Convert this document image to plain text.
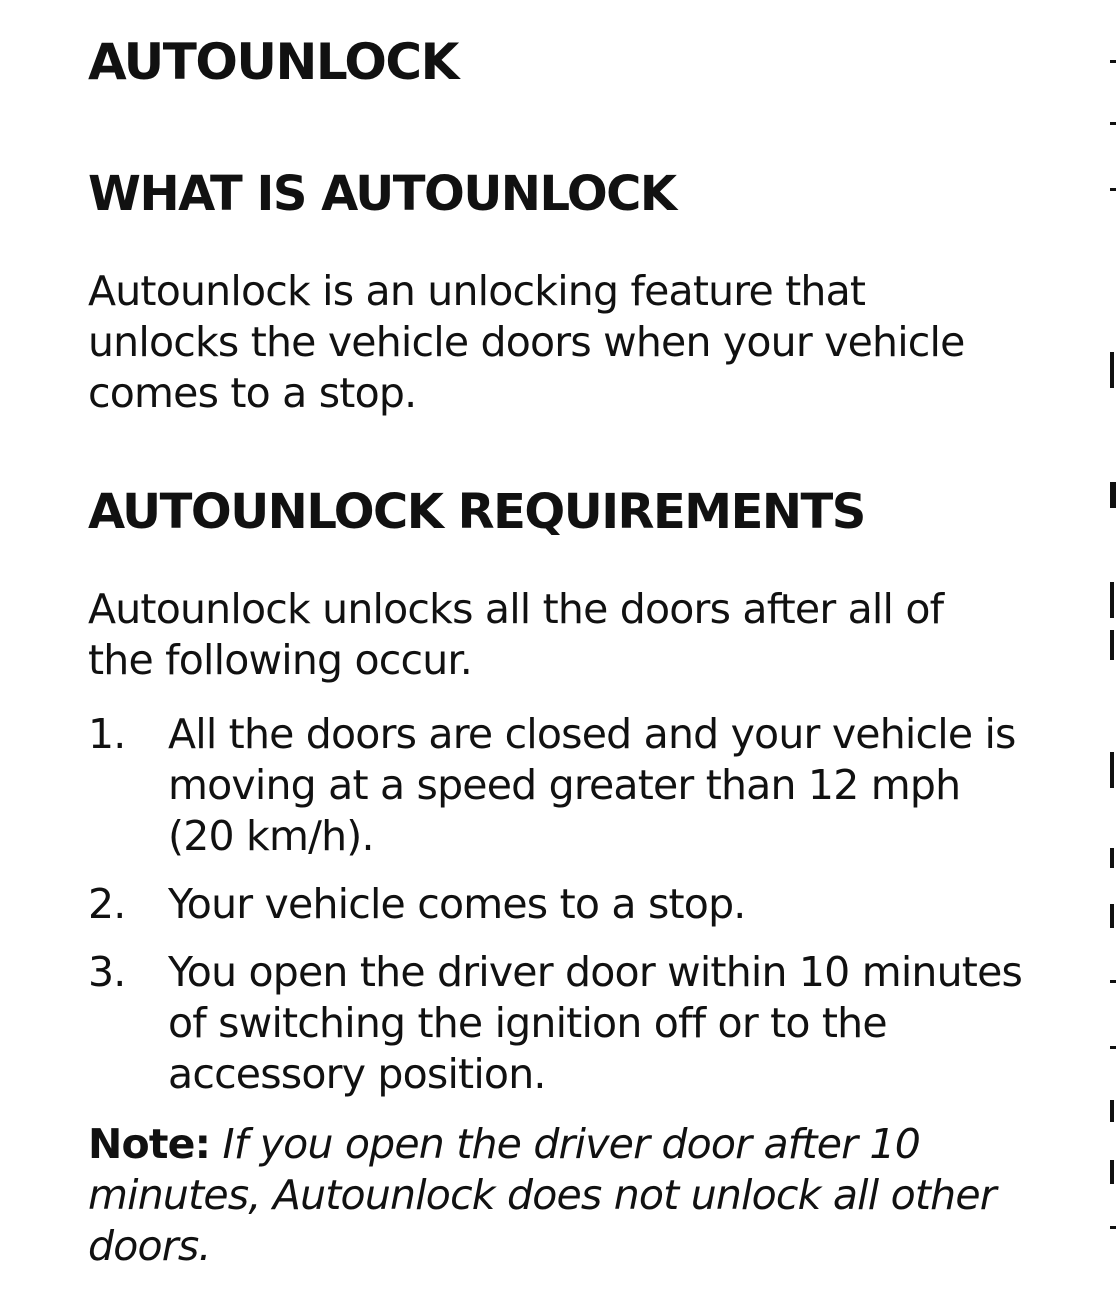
AUTOUNLOCK
WHAT IS AUTOUNLOCK

Autounlock is an unlocking feature that unlocks the vehicle doors when your vehicle comes to a stop.

AUTOUNLOCK REQUIREMENTS

Autounlock unlocks all the doors after all of the following occur.

1.	All the doors are closed and your vehicle is moving at a speed greater than 12 mph (20 km/h).
2.	Your vehicle comes to a stop.
3.	You open the driver door within 10 minutes of switching the ignition off or to the accessory position.

Note: If you open the driver door after 10 minutes, Autounlock does not unlock all other doors.
